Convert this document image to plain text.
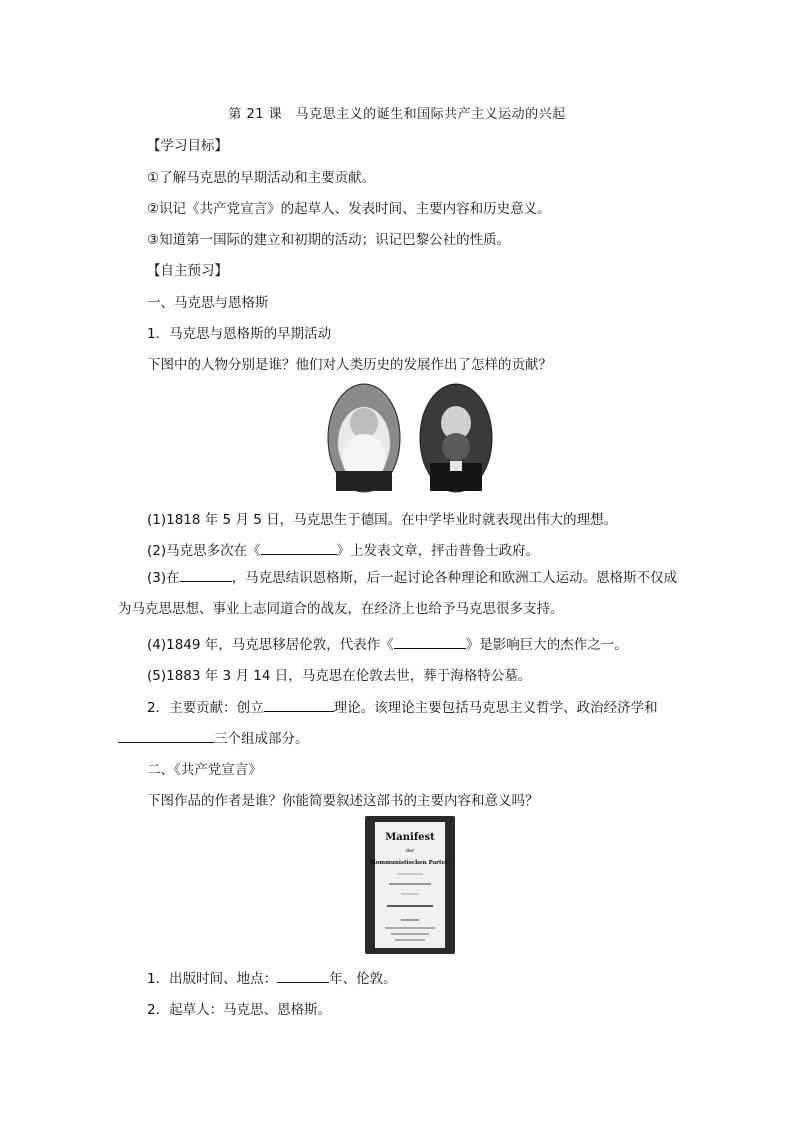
第 21 课　马克思主义的诞生和国际共产主义运动的兴起
【学习目标】
①了解马克思的早期活动和主要贡献。
②识记《共产党宣言》的起草人、发表时间、主要内容和历史意义。
③知道第一国际的建立和初期的活动；识记巴黎公社的性质。
【自主预习】
一、马克思与恩格斯
1．马克思与恩格斯的早期活动
下图中的人物分别是谁？他们对人类历史的发展作出了怎样的贡献？
(1)1818 年 5 月 5 日，马克思生于德国。在中学毕业时就表现出伟大的理想。
(2)马克思多次在《	》上发表文章，抨击普鲁士政府。
(3)在	，马克思结识恩格斯，后一起讨论各种理论和欧洲工人运动。恩格斯不仅成为马克思思想、事业上志同道合的战友，在经济上也给予马克思很多支持。
(4)1849 年，马克思移居伦敦，代表作《	》是影响巨大的杰作之一。
(5)1883 年 3 月 14 日，马克思在伦敦去世，葬于海格特公墓。
2．主要贡献：创立	理论。该理论主要包括马克思主义哲学、政治经济学和
三个组成部分。
二、《共产党宣言》
下图作品的作者是谁？你能简要叙述这部书的主要内容和意义吗？
Manifest
der
Kommunistischen Partei.
1．出版时间、地点：	年、伦敦。
2．起草人：马克思、恩格斯。
